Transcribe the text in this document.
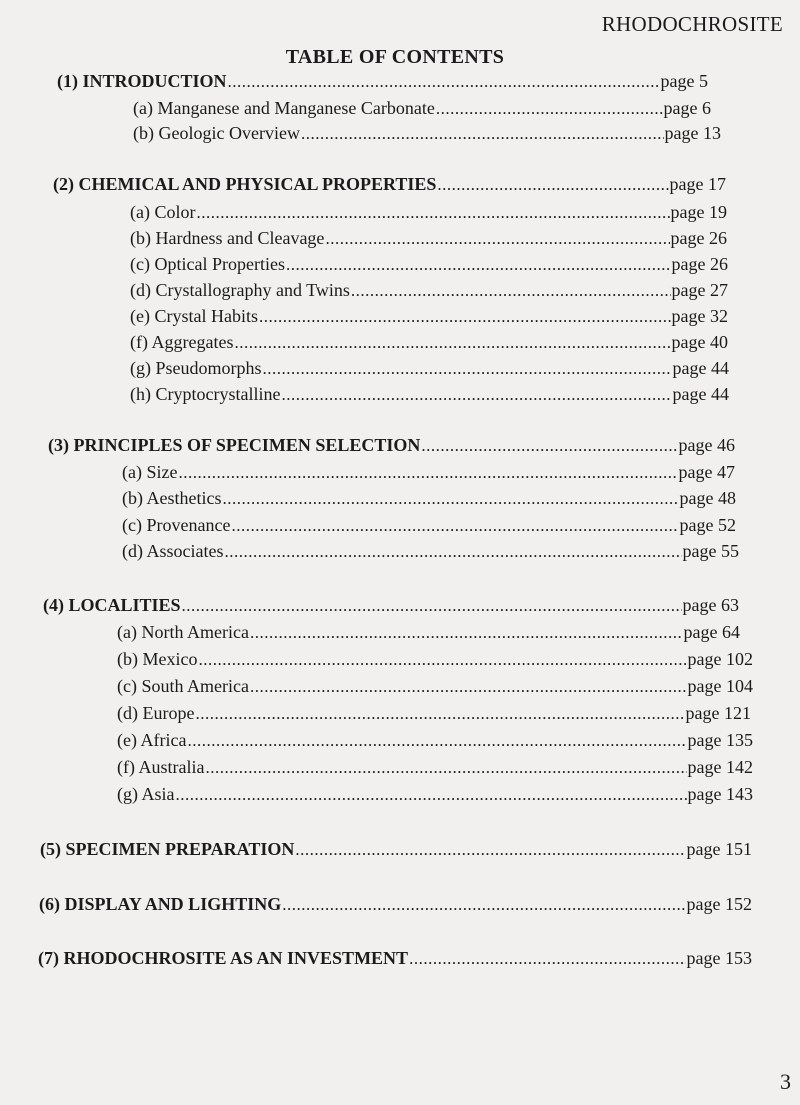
RHODOCHROSITE
TABLE OF CONTENTS
(1) INTRODUCTION .....	page 5
(a) Manganese and Manganese Carbonate .....	page 6
(b) Geologic Overview .....	page 13
(2) CHEMICAL AND PHYSICAL PROPERTIES .....	page 17
(a) Color .....	page 19
(b) Hardness and Cleavage .....	page 26
(c) Optical Properties .....	page 26
(d) Crystallography and Twins .....	page 27
(e) Crystal Habits .....	page 32
(f) Aggregates .....	page 40
(g) Pseudomorphs .....	page 44
(h) Cryptocrystalline .....	page 44
(3) PRINCIPLES OF SPECIMEN SELECTION .....	page 46
(a) Size .....	page 47
(b) Aesthetics .....	page 48
(c) Provenance .....	page 52
(d) Associates .....	page 55
(4) LOCALITIES .....	page 63
(a) North America .....	page 64
(b) Mexico .....	page 102
(c) South America .....	page 104
(d) Europe .....	page 121
(e) Africa .....	page 135
(f) Australia .....	page 142
(g) Asia .....	page 143
(5) SPECIMEN PREPARATION .....	page 151
(6) DISPLAY AND LIGHTING .....	page 152
(7) RHODOCHROSITE AS AN INVESTMENT .....	page 153
3
